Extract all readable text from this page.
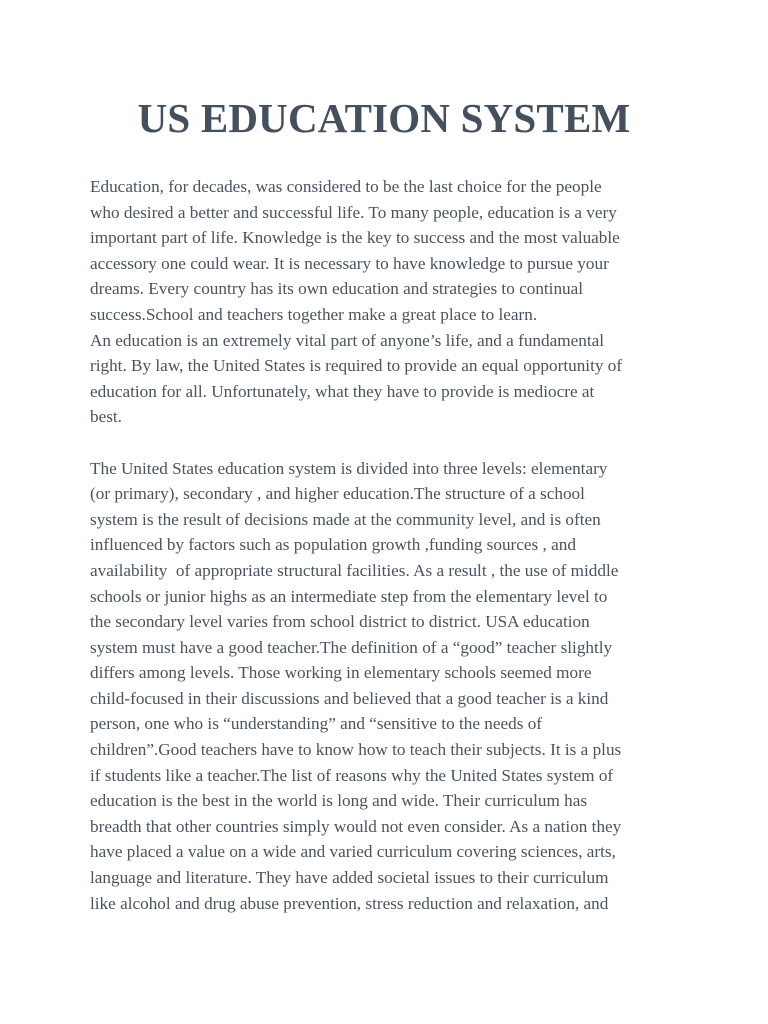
US EDUCATION SYSTEM
Education, for decades, was considered to be the last choice for the people
who desired a better and successful life. To many people, education is a very
important part of life. Knowledge is the key to success and the most valuable
accessory one could wear. It is necessary to have knowledge to pursue your
dreams. Every country has its own education and strategies to continual
success.School and teachers together make a great place to learn.
An education is an extremely vital part of anyone’s life, and a fundamental
right. By law, the United States is required to provide an equal opportunity of
education for all. Unfortunately, what they have to provide is mediocre at
best.
The United States education system is divided into three levels: elementary
(or primary), secondary , and higher education.The structure of a school
system is the result of decisions made at the community level, and is often
influenced by factors such as population growth ,funding sources , and
availability  of appropriate structural facilities. As a result , the use of middle
schools or junior highs as an intermediate step from the elementary level to
the secondary level varies from school district to district. USA education
system must have a good teacher.The definition of a “good” teacher slightly
differs among levels. Those working in elementary schools seemed more
child-focused in their discussions and believed that a good teacher is a kind
person, one who is “understanding” and “sensitive to the needs of
children”.Good teachers have to know how to teach their subjects. It is a plus
if students like a teacher.The list of reasons why the United States system of
education is the best in the world is long and wide. Their curriculum has
breadth that other countries simply would not even consider. As a nation they
have placed a value on a wide and varied curriculum covering sciences, arts,
language and literature. They have added societal issues to their curriculum
like alcohol and drug abuse prevention, stress reduction and relaxation, and
